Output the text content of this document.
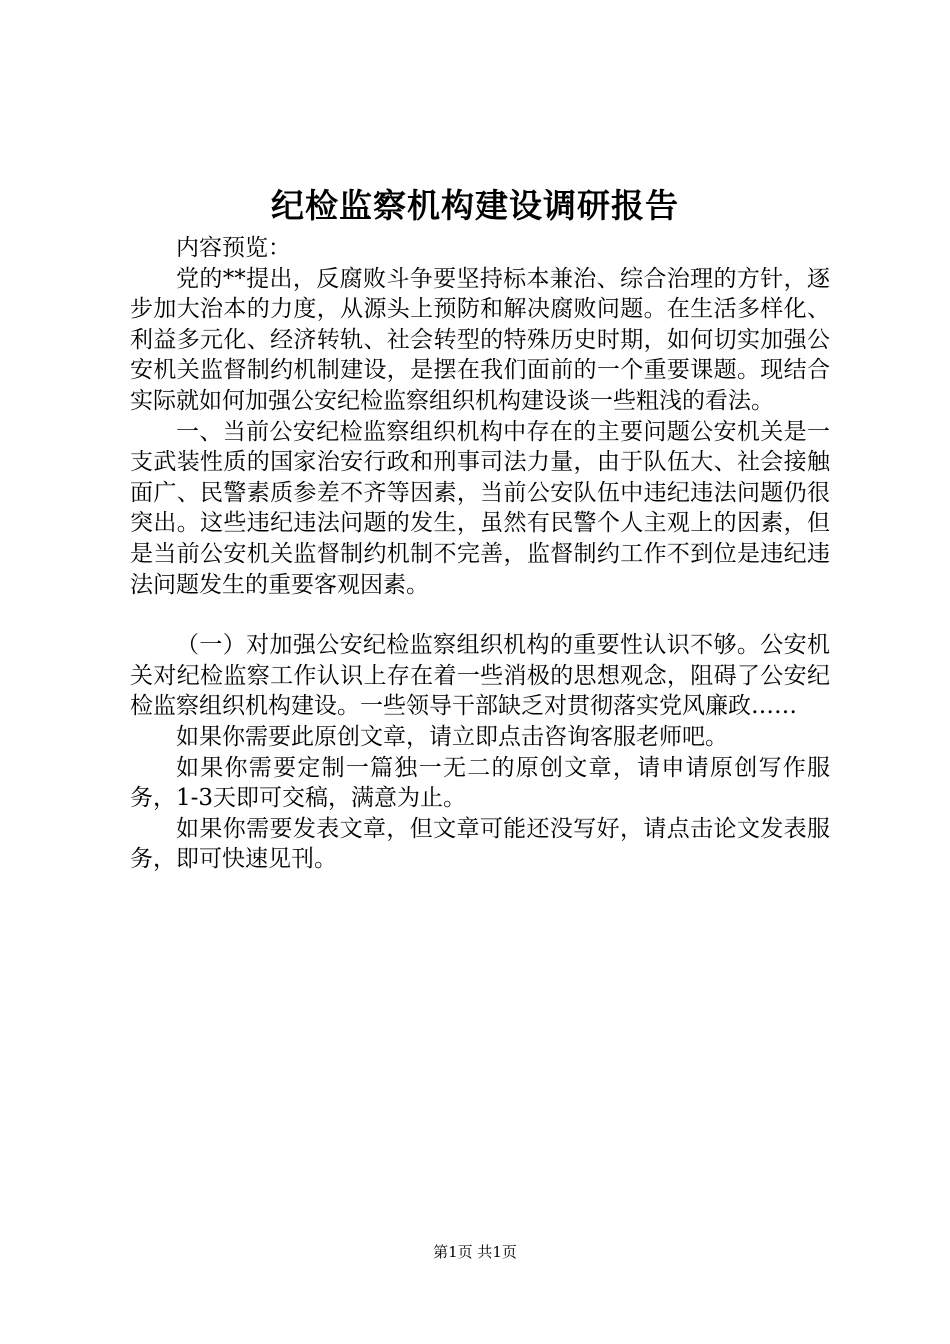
纪检监察机构建设调研报告

内容预览：

党的**提出，反腐败斗争要坚持标本兼治、综合治理的方针，逐步加大治本的力度，从源头上预防和解决腐败问题。在生活多样化、利益多元化、经济转轨、社会转型的特殊历史时期，如何切实加强公安机关监督制约机制建设，是摆在我们面前的一个重要课题。现结合实际就如何加强公安纪检监察组织机构建设谈一些粗浅的看法。

一、当前公安纪检监察组织机构中存在的主要问题公安机关是一支武装性质的国家治安行政和刑事司法力量，由于队伍大、社会接触面广、民警素质参差不齐等因素，当前公安队伍中违纪违法问题仍很突出。这些违纪违法问题的发生，虽然有民警个人主观上的因素，但是当前公安机关监督制约机制不完善，监督制约工作不到位是违纪违法问题发生的重要客观因素。

（一）对加强公安纪检监察组织机构的重要性认识不够。公安机关对纪检监察工作认识上存在着一些消极的思想观念，阻碍了公安纪检监察组织机构建设。一些领导干部缺乏对贯彻落实党风廉政……

如果你需要此原创文章，请立即点击咨询客服老师吧。

如果你需要定制一篇独一无二的原创文章，请申请原创写作服务，1-3天即可交稿，满意为止。

如果你需要发表文章，但文章可能还没写好，请点击论文发表服务，即可快速见刊。

第1页 共1页
